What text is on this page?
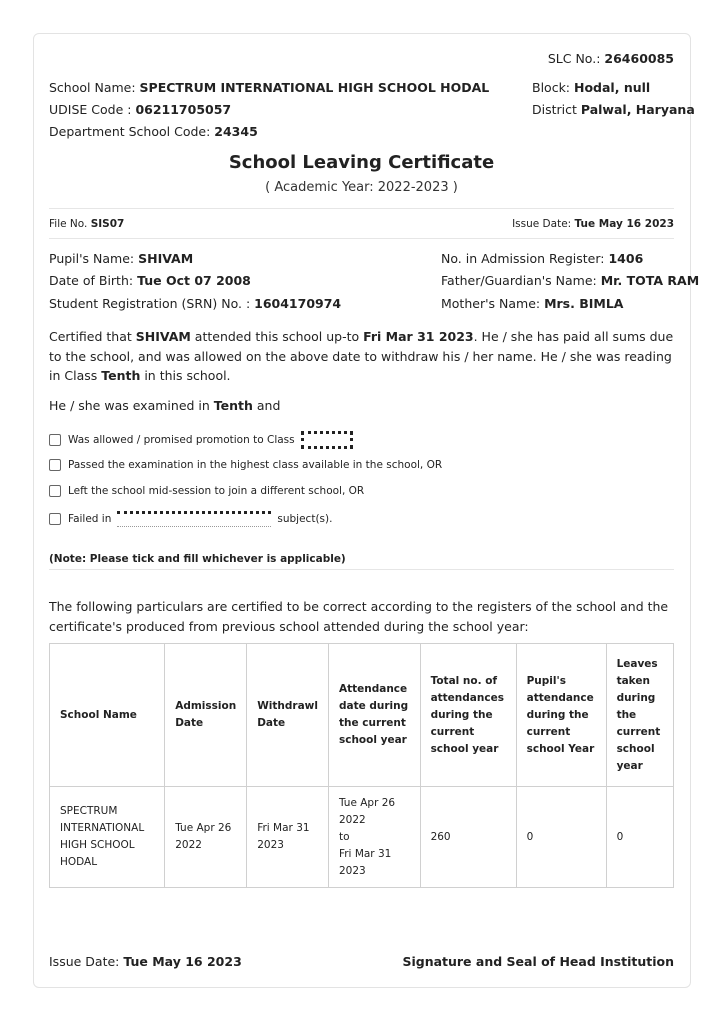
SLC No.: 26460085
School Name: SPECTRUM INTERNATIONAL HIGH SCHOOL HODAL
UDISE Code : 06211705057
Department School Code: 24345
Block: Hodal, null
District Palwal, Haryana
School Leaving Certificate
( Academic Year: 2022-2023 )
File No. SIS07	Issue Date: Tue May 16 2023
Pupil's Name: SHIVAM
Date of Birth: Tue Oct 07 2008
Student Registration (SRN) No. : 1604170974
No. in Admission Register: 1406
Father/Guardian's Name: Mr. TOTA RAM
Mother's Name: Mrs. BIMLA
Certified that SHIVAM attended this school up-to Fri Mar 31 2023. He / she has paid all sums due to the school, and was allowed on the above date to withdraw his / her name. He / she was reading in Class Tenth in this school.
He / she was examined in Tenth and
Was allowed / promised promotion to Class
Passed the examination in the highest class available in the school, OR
Left the school mid-session to join a different school, OR
Failed in	subject(s).
(Note: Please tick and fill whichever is applicable)
The following particulars are certified to be correct according to the registers of the school and the certificate's produced from previous school attended during the school year:
School Name	Admission Date	Withdrawl Date	Attendance date during the current school year	Total no. of attendances during the current school year	Pupil's attendance during the current school Year	Leaves taken during the current school year
SPECTRUM INTERNATIONAL HIGH SCHOOL HODAL	Tue Apr 26 2022	Fri Mar 31 2023	Tue Apr 26 2022
to
Fri Mar 31 2023	260	0	0
Issue Date: Tue May 16 2023	Signature and Seal of Head Institution
